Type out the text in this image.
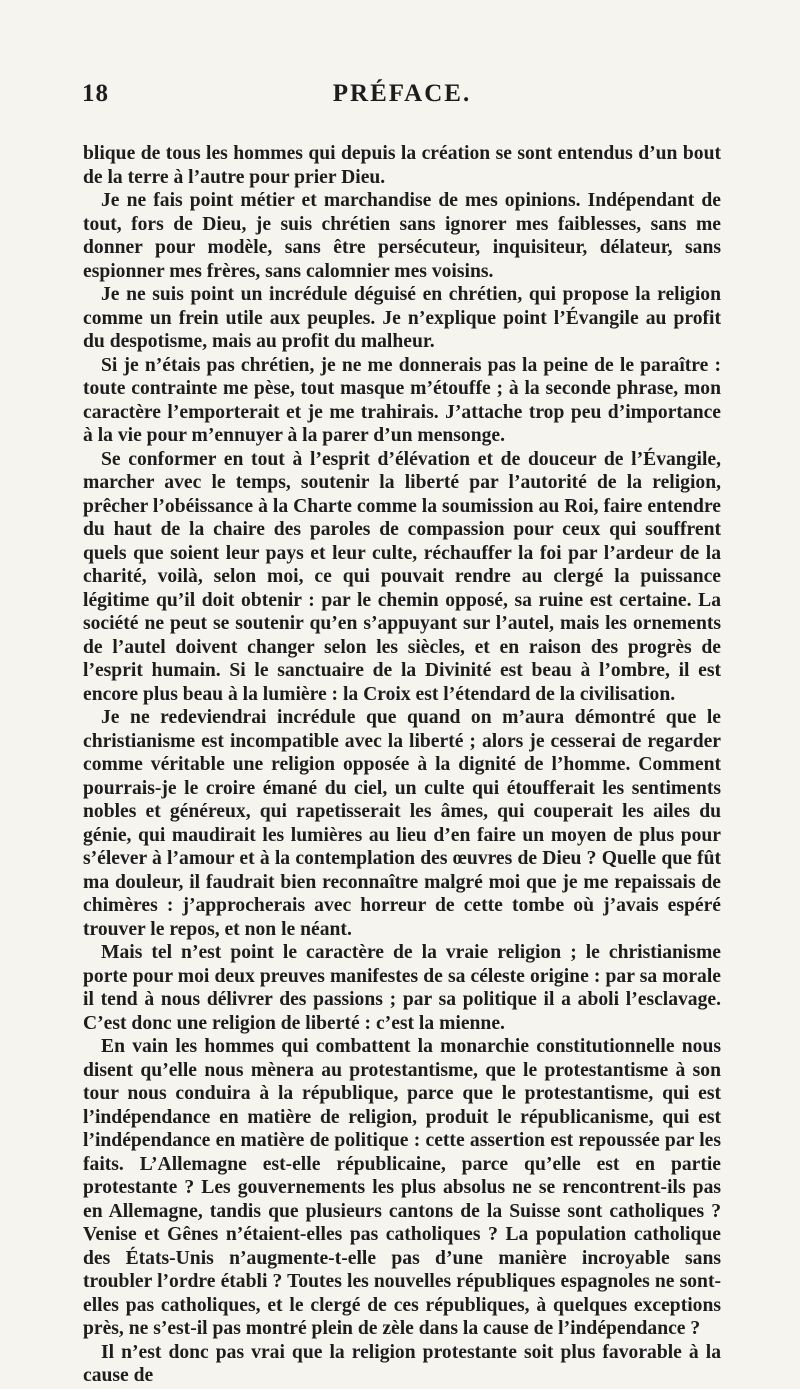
18	PRÉFACE.

blique de tous les hommes qui depuis la création se sont entendus d’un bout de la terre à l’autre pour prier Dieu.

Je ne fais point métier et marchandise de mes opinions. Indépendant de tout, fors de Dieu, je suis chrétien sans ignorer mes faiblesses, sans me donner pour modèle, sans être persécuteur, inquisiteur, délateur, sans espionner mes frères, sans calomnier mes voisins.

Je ne suis point un incrédule déguisé en chrétien, qui propose la religion comme un frein utile aux peuples. Je n’explique point l’Évangile au profit du despotisme, mais au profit du malheur.

Si je n’étais pas chrétien, je ne me donnerais pas la peine de le paraître : toute contrainte me pèse, tout masque m’étouffe ; à la seconde phrase, mon caractère l’emporterait et je me trahirais. J’attache trop peu d’importance à la vie pour m’ennuyer à la parer d’un mensonge.

Se conformer en tout à l’esprit d’élévation et de douceur de l’Évangile, marcher avec le temps, soutenir la liberté par l’autorité de la religion, prêcher l’obéissance à la Charte comme la soumission au Roi, faire entendre du haut de la chaire des paroles de compassion pour ceux qui souffrent quels que soient leur pays et leur culte, réchauffer la foi par l’ardeur de la charité, voilà, selon moi, ce qui pouvait rendre au clergé la puissance légitime qu’il doit obtenir : par le chemin opposé, sa ruine est certaine. La société ne peut se soutenir qu’en s’appuyant sur l’autel, mais les ornements de l’autel doivent changer selon les siècles, et en raison des progrès de l’esprit humain. Si le sanctuaire de la Divinité est beau à l’ombre, il est encore plus beau à la lumière : la Croix est l’étendard de la civilisation.

Je ne redeviendrai incrédule que quand on m’aura démontré que le christianisme est incompatible avec la liberté ; alors je cesserai de regarder comme véritable une religion opposée à la dignité de l’homme. Comment pourrais-je le croire émané du ciel, un culte qui étoufferait les sentiments nobles et généreux, qui rapetisserait les âmes, qui couperait les ailes du génie, qui maudirait les lumières au lieu d’en faire un moyen de plus pour s’élever à l’amour et à la contemplation des œuvres de Dieu ? Quelle que fût ma douleur, il faudrait bien reconnaître malgré moi que je me repaissais de chimères : j’approcherais avec horreur de cette tombe où j’avais espéré trouver le repos, et non le néant.

Mais tel n’est point le caractère de la vraie religion ; le christianisme porte pour moi deux preuves manifestes de sa céleste origine : par sa morale il tend à nous délivrer des passions ; par sa politique il a aboli l’esclavage. C’est donc une religion de liberté : c’est la mienne.

En vain les hommes qui combattent la monarchie constitutionnelle nous disent qu’elle nous mènera au protestantisme, que le protestantisme à son tour nous conduira à la république, parce que le protestantisme, qui est l’indépendance en matière de religion, produit le républicanisme, qui est l’indépendance en matière de politique : cette assertion est repoussée par les faits. L’Allemagne est-elle républicaine, parce qu’elle est en partie protestante ? Les gouvernements les plus absolus ne se rencontrent-ils pas en Allemagne, tandis que plusieurs cantons de la Suisse sont catholiques ? Venise et Gênes n’étaient-elles pas catholiques ? La population catholique des États-Unis n’augmente-t-elle pas d’une manière incroyable sans troubler l’ordre établi ? Toutes les nouvelles républiques espagnoles ne sont-elles pas catholiques, et le clergé de ces républiques, à quelques exceptions près, ne s’est-il pas montré plein de zèle dans la cause de l’indépendance ?

Il n’est donc pas vrai que la religion protestante soit plus favorable à la cause de
